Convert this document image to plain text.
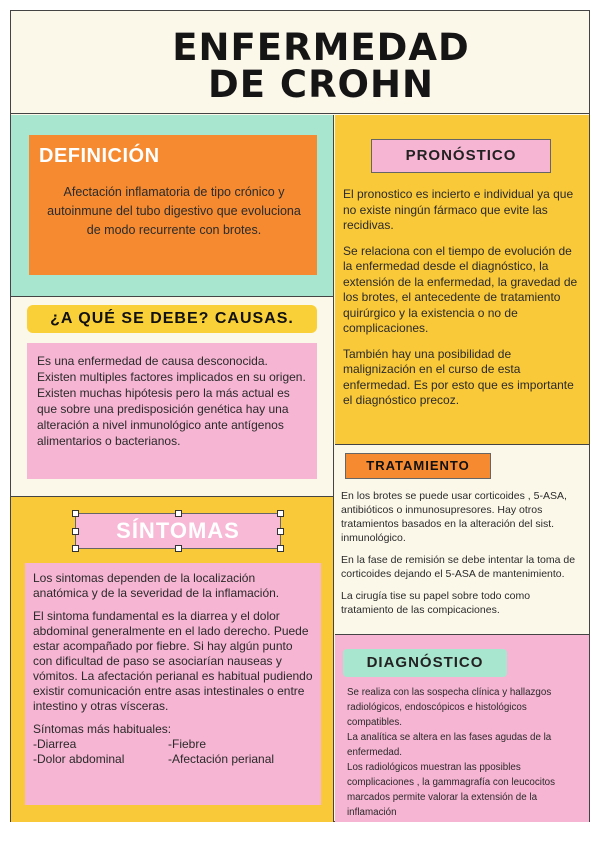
ENFERMEDAD
DE CROHN
DEFINICIÓN
Afectación inflamatoria de tipo crónico y autoinmune del tubo digestivo que evoluciona de modo recurrente con brotes.
¿A QUÉ SE DEBE? CAUSAS.
Es una enfermedad de causa desconocida. Existen multiples factores implicados en su origen. Existen muchas hipótesis pero la más actual es que sobre una predisposición genética hay una alteración a nivel inmunológico ante antígenos alimentarios o bacterianos.
SÍNTOMAS

Los sintomas dependen de la localización anatómica y de la severidad de la inflamación.

El sintoma fundamental es la diarrea y el dolor abdominal generalmente en el lado derecho. Puede estar acompañado por fiebre. Si hay algún punto con dificultad de paso se asociarían nauseas y vómitos. La afectación perianal es habitual pudiendo existir comunicación entre asas intestinales o entre intestino y otras vísceras.

Síntomas más habituales:
-Diarrea	-Fiebre
-Dolor abdominal	-Afectación perianal
PRONÓSTICO

El pronostico es incierto e individual ya que no existe ningún fármaco que evite las recidivas.

Se relaciona con el tiempo de evolución de la enfermedad desde el diagnóstico, la extensión de la enfermedad, la gravedad de los brotes, el antecedente de tratamiento quirúrgico y la existencia o no de complicaciones.

También hay una posibilidad de malignización en el curso de esta enfermedad. Es por esto que es importante el diagnóstico precoz.

TRATAMIENTO

En los brotes se puede usar corticoides , 5-ASA, antibióticos o inmunosupresores. Hay otros tratamientos basados en la alteración del sist. inmunológico.

En la fase de remisión se debe intentar la toma de corticoides dejando el 5-ASA de mantenimiento.

La cirugía tise su papel sobre todo como tratamiento de las compicaciones.

DIAGNÓSTICO
Se realiza con las sospecha clínica y hallazgos radiológicos, endoscópicos e histológicos compatibles.
La analítica se altera en las fases agudas de la enfermedad.
Los radiológicos muestran las pposibles complicaciones , la gammagrafía con leucocitos marcados permite valorar la extensión de la inflamación
